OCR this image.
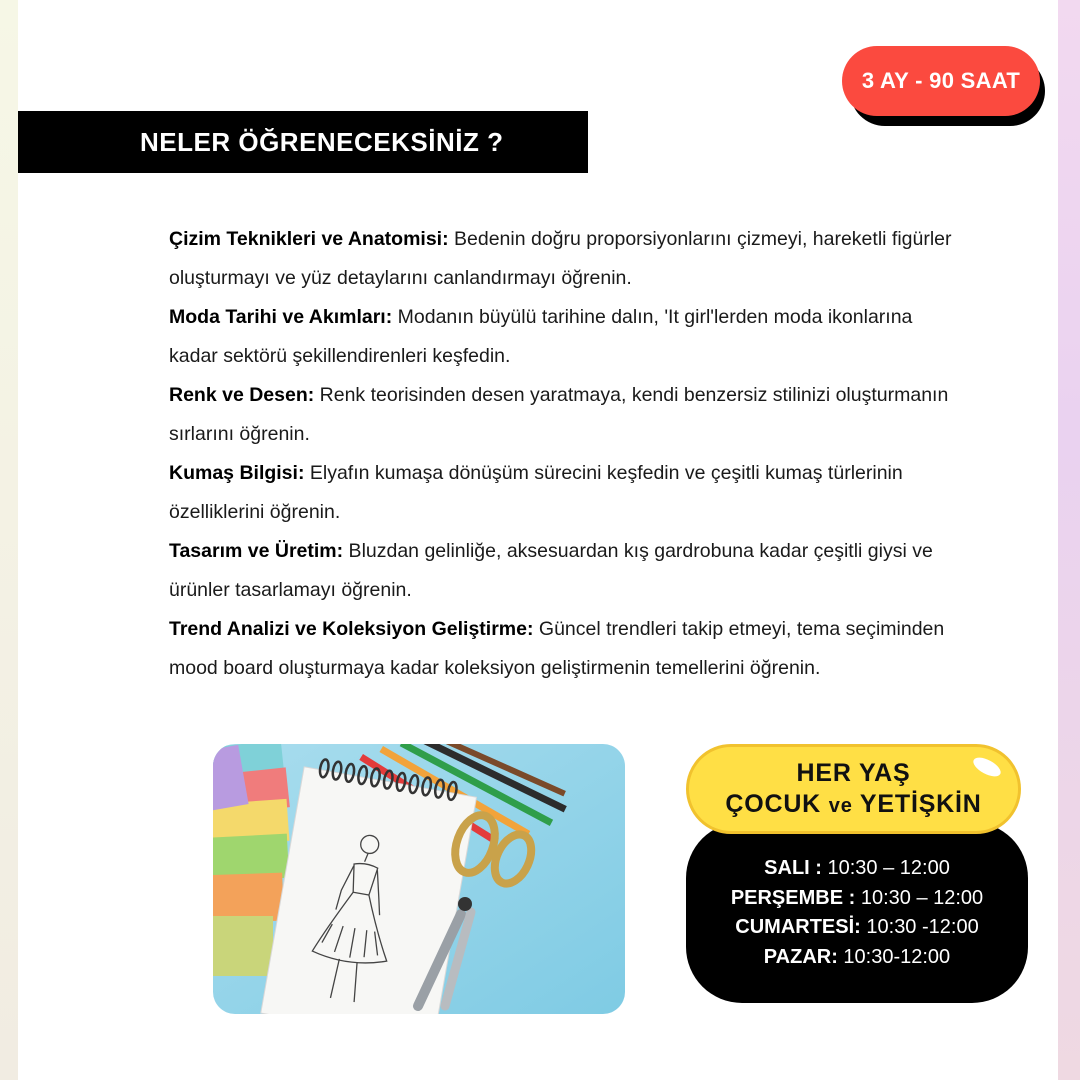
3 AY - 90 SAAT
NELER ÖĞRENECEKSİNİZ ?
Çizim Teknikleri ve Anatomisi: Bedenin doğru proporsiyonlarını çizmeyi, hareketli figürler oluşturmayı ve yüz detaylarını canlandırmayı öğrenin.
Moda Tarihi ve Akımları: Modanın büyülü tarihine dalın, 'It girl'lerden moda ikonlarına kadar sektörü şekillendirenleri keşfedin.
Renk ve Desen: Renk teorisinden desen yaratmaya, kendi benzersiz stilinizi oluşturmanın sırlarını öğrenin.
Kumaş Bilgisi: Elyafın kumaşa dönüşüm sürecini keşfedin ve çeşitli kumaş türlerinin özelliklerini öğrenin.
Tasarım ve Üretim: Bluzdan gelinliğe, aksesuardan kış gardrobuna kadar çeşitli giysi ve ürünler tasarlamayı öğrenin.
Trend Analizi ve Koleksiyon Geliştirme: Güncel trendleri takip etmeyi, tema seçiminden mood board oluşturmaya kadar koleksiyon geliştirmenin temellerini öğrenin.
HER YAŞ
ÇOCUK ve YETİŞKİN
SALI : 10:30 – 12:00
PERŞEMBE : 10:30 – 12:00
CUMARTESİ: 10:30 -12:00
PAZAR: 10:30-12:00
